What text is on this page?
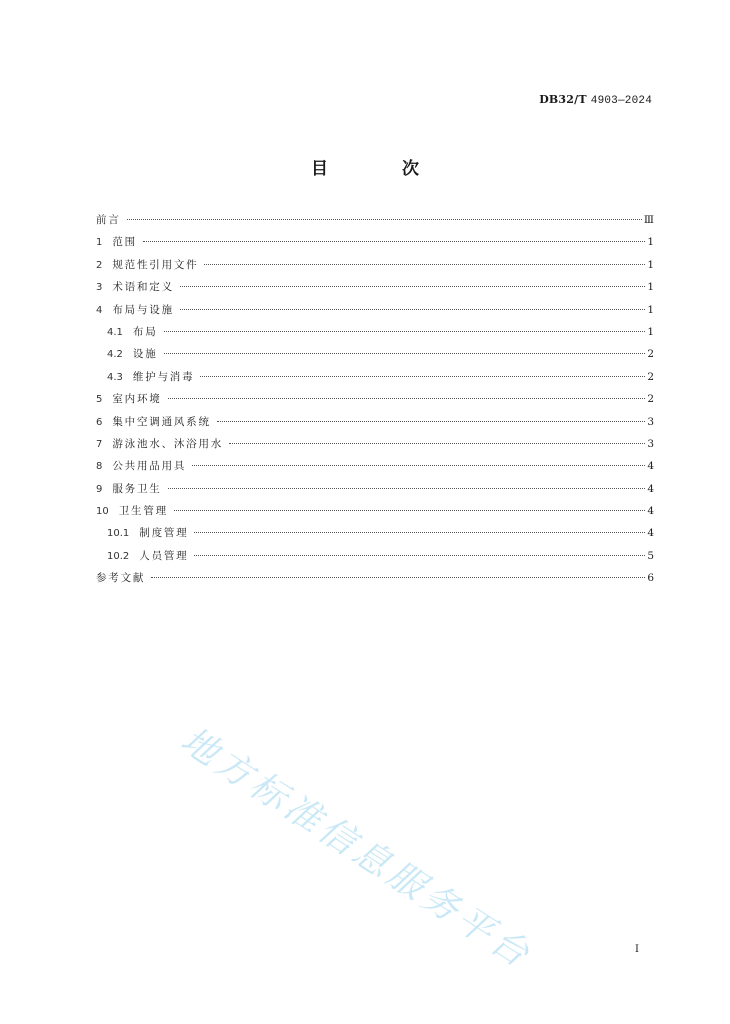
DB32/T 4903—2024
目 次
前言	Ⅲ
1 范围	1
2 规范性引用文件	1
3 术语和定义	1
4 布局与设施	1
4.1 布局	1
4.2 设施	2
4.3 维护与消毒	2
5 室内环境	2
6 集中空调通风系统	3
7 游泳池水、沐浴用水	3
8 公共用品用具	4
9 服务卫生	4
10 卫生管理	4
10.1 制度管理	4
10.2 人员管理	5
参考文献	6
地方标准信息服务平台	I
